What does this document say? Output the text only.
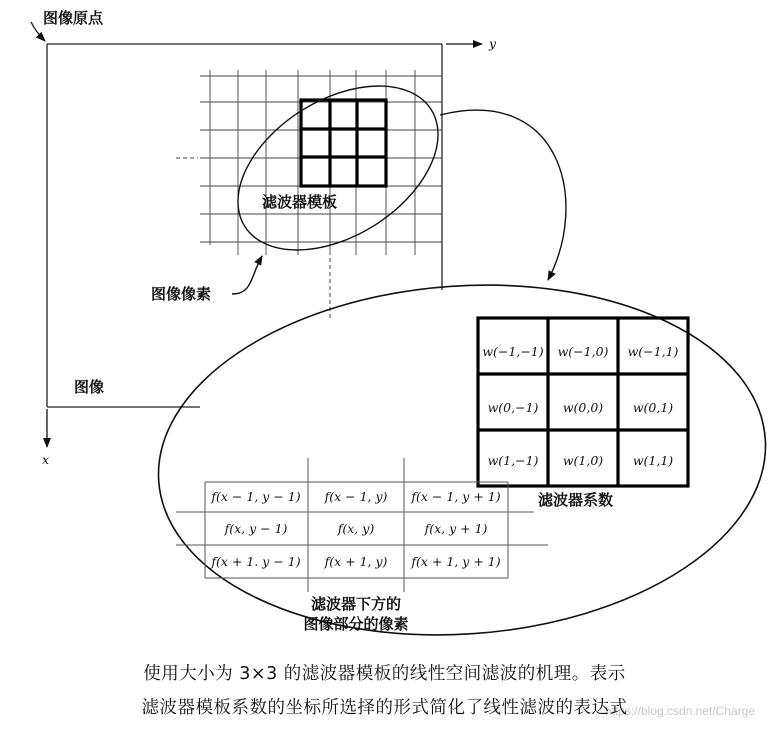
图像原点
y
x
图像
滤波器模板
图像像素
滤波器系数
滤波器下方的
图像部分的像素
w(−1,−1) w(−1,0) w(−1,1)
w(0,−1) w(0,0) w(0,1)
w(1,−1) w(1,0) w(1,1)
f(x − 1, y − 1) f(x − 1, y) f(x − 1, y + 1)
f(x, y − 1)	f(x, y)	f(x, y + 1)
f(x + 1. y − 1) f(x + 1, y) f(x + 1, y + 1)
https://blog.csdn.net/Charge
使用大小为 3×3 的滤波器模板的线性空间滤波的机理。表示
滤波器模板系数的坐标所选择的形式简化了线性滤波的表达式
